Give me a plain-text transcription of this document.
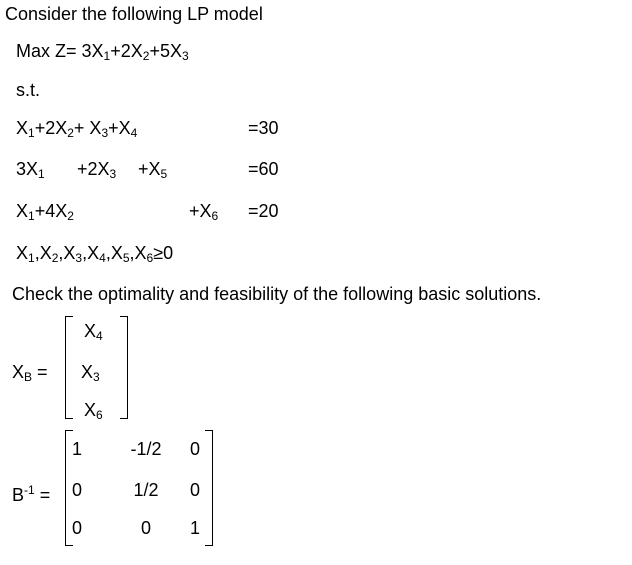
Consider the following LP model
Max $Z= 3X_1+2X_2+5X_3$
s.t.
$X_1+2X_2+ X_3+X_4$	=30
$3X_1 +2X_3 +X_5$	=60
$X_1+4X_2$	$+X_6 =20$
$X_1,X_2,X_3,X_4,X_5,X_6\ge 0$
Check the optimality and feasibility of the following basic solutions.
$X_B$ =
$X_4$
$X_3$
$X_6$
$B^{-1}$ =
1	-1/2	0
0	1/2	0
0	0	1
